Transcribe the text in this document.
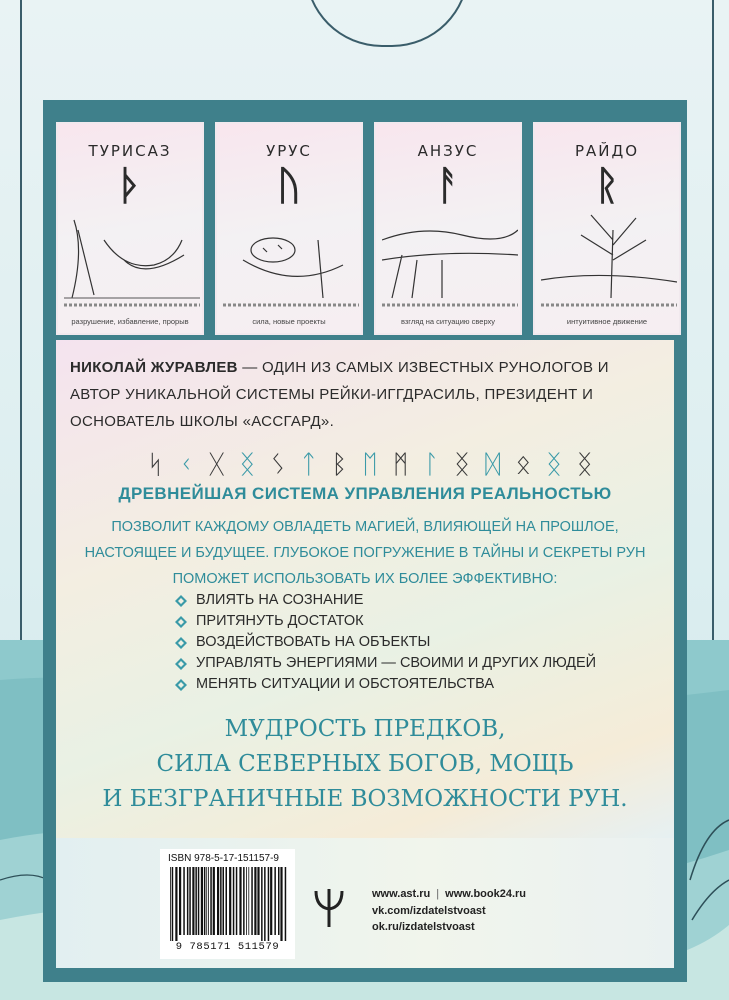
ТУРИСАЗ
ᚦ
разрушение, избавление, прорыв
УРУС
ᚢ
сила, новые проекты
АНЗУС
ᚨ
взгляд на ситуацию сверху
РАЙДО
ᚱ
интуитивное движение
НИКОЛАЙ ЖУРАВЛЕВ — ОДИН ИЗ САМЫХ ИЗВЕСТНЫХ РУНОЛОГОВ И АВТОР УНИКАЛЬНОЙ СИСТЕМЫ РЕЙКИ-ИГГДРАСИЛЬ, ПРЕЗИДЕНТ И ОСНОВАТЕЛЬ ШКОЛЫ «АССГАРД».
ᛋ ᚲ ᚷ ᛝ ᛊ ᛏ ᛒ ᛖ ᛗ ᛚ ᛝ ᛞ ᛟ ᛝ ᛝ
ДРЕВНЕЙШАЯ СИСТЕМА УПРАВЛЕНИЯ РЕАЛЬНОСТЬЮ
ПОЗВОЛИТ КАЖДОМУ ОВЛАДЕТЬ МАГИЕЙ, ВЛИЯЮЩЕЙ НА ПРОШЛОЕ,
НАСТОЯЩЕЕ И БУДУЩЕЕ. ГЛУБОКОЕ ПОГРУЖЕНИЕ В ТАЙНЫ И СЕКРЕТЫ РУН
ПОМОЖЕТ ИСПОЛЬЗОВАТЬ ИХ БОЛЕЕ ЭФФЕКТИВНО:
ВЛИЯТЬ НА СОЗНАНИЕ
ПРИТЯНУТЬ ДОСТАТОК
ВОЗДЕЙСТВОВАТЬ НА ОБЪЕКТЫ
УПРАВЛЯТЬ ЭНЕРГИЯМИ — СВОИМИ И ДРУГИХ ЛЮДЕЙ
МЕНЯТЬ СИТУАЦИИ И ОБСТОЯТЕЛЬСТВА
МУДРОСТЬ ПРЕДКОВ,
СИЛА СЕВЕРНЫХ БОГОВ, МОЩЬ
И БЕЗГРАНИЧНЫЕ ВОЗМОЖНОСТИ РУН.
ISBN 978-5-17-151157-9
9 785171 511579
www.ast.ru | www.book24.ru
vk.com/izdatelstvoast
ok.ru/izdatelstvoast
